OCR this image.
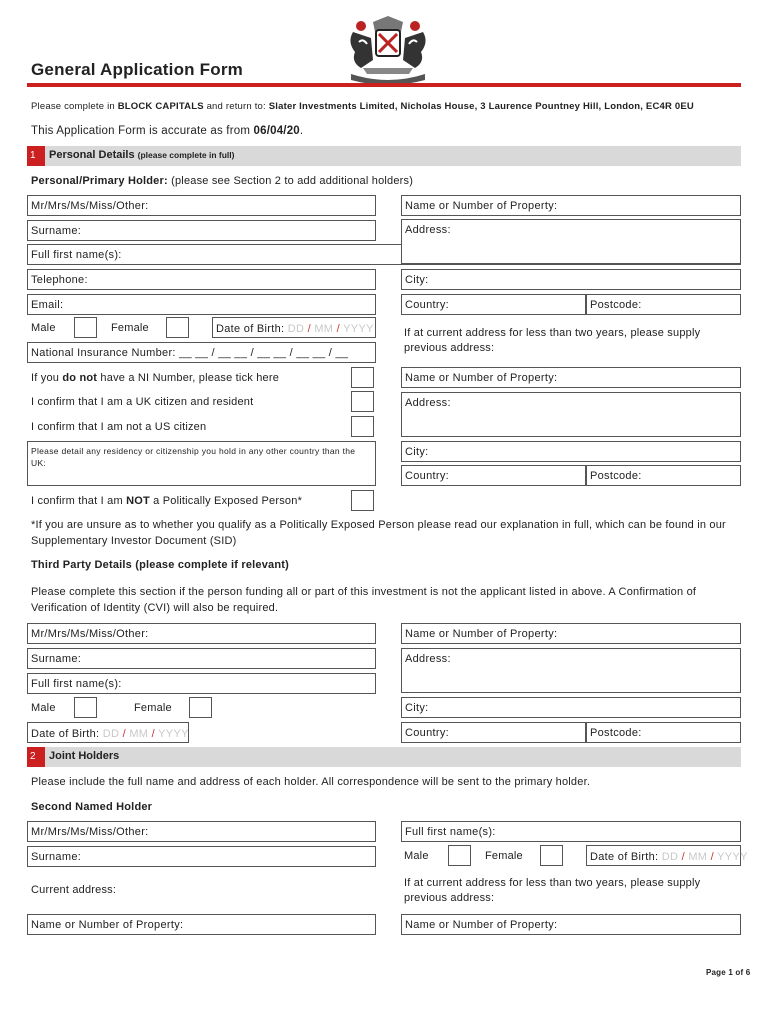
General Application Form
Please complete in BLOCK CAPITALS and return to: Slater Investments Limited, Nicholas House, 3 Laurence Pountney Hill, London, EC4R 0EU
This Application Form is accurate as from 06/04/20.
1	Personal Details (please complete in full)
Personal/Primary Holder: (please see Section 2 to add additional holders)
Mr/Mrs/Ms/Miss/Other:
Surname:
Full first name(s):
Telephone:
Email:
Male	Female	Date of Birth: DD / MM / YYYY
National Insurance Number: __ __ / __ __ / __ __ / __ __ / __
If you do not have a NI Number, please tick here
I confirm that I am a UK citizen and resident
I confirm that I am not a US citizen
Please detail any residency or citizenship you hold in any other country than the UK:
I confirm that I am NOT a Politically Exposed Person*
Name or Number of Property:
Address:
City:
Country:	Postcode:
If at current address for less than two years, please supply previous address:
Name or Number of Property:
Address:
City:
Country:	Postcode:
*If you are unsure as to whether you qualify as a Politically Exposed Person please read our explanation in full, which can be found in our Supplementary Investor Document (SID)
Third Party Details (please complete if relevant)
Please complete this section if the person funding all or part of this investment is not the applicant listed in above. A Confirmation of Verification of Identity (CVI) will also be required.
Mr/Mrs/Ms/Miss/Other:
Surname:
Full first name(s):
Male	Female
Date of Birth: DD / MM / YYYY
Name or Number of Property:
Address:
City:
Country:	Postcode:
2	Joint Holders
Please include the full name and address of each holder. All correspondence will be sent to the primary holder.
Second Named Holder
Mr/Mrs/Ms/Miss/Other:
Surname:
Current address:
Name or Number of Property:
Full first name(s):
Male	Female	Date of Birth: DD / MM / YYYY
If at current address for less than two years, please supply previous address:
Name or Number of Property:
Page 1 of 6
